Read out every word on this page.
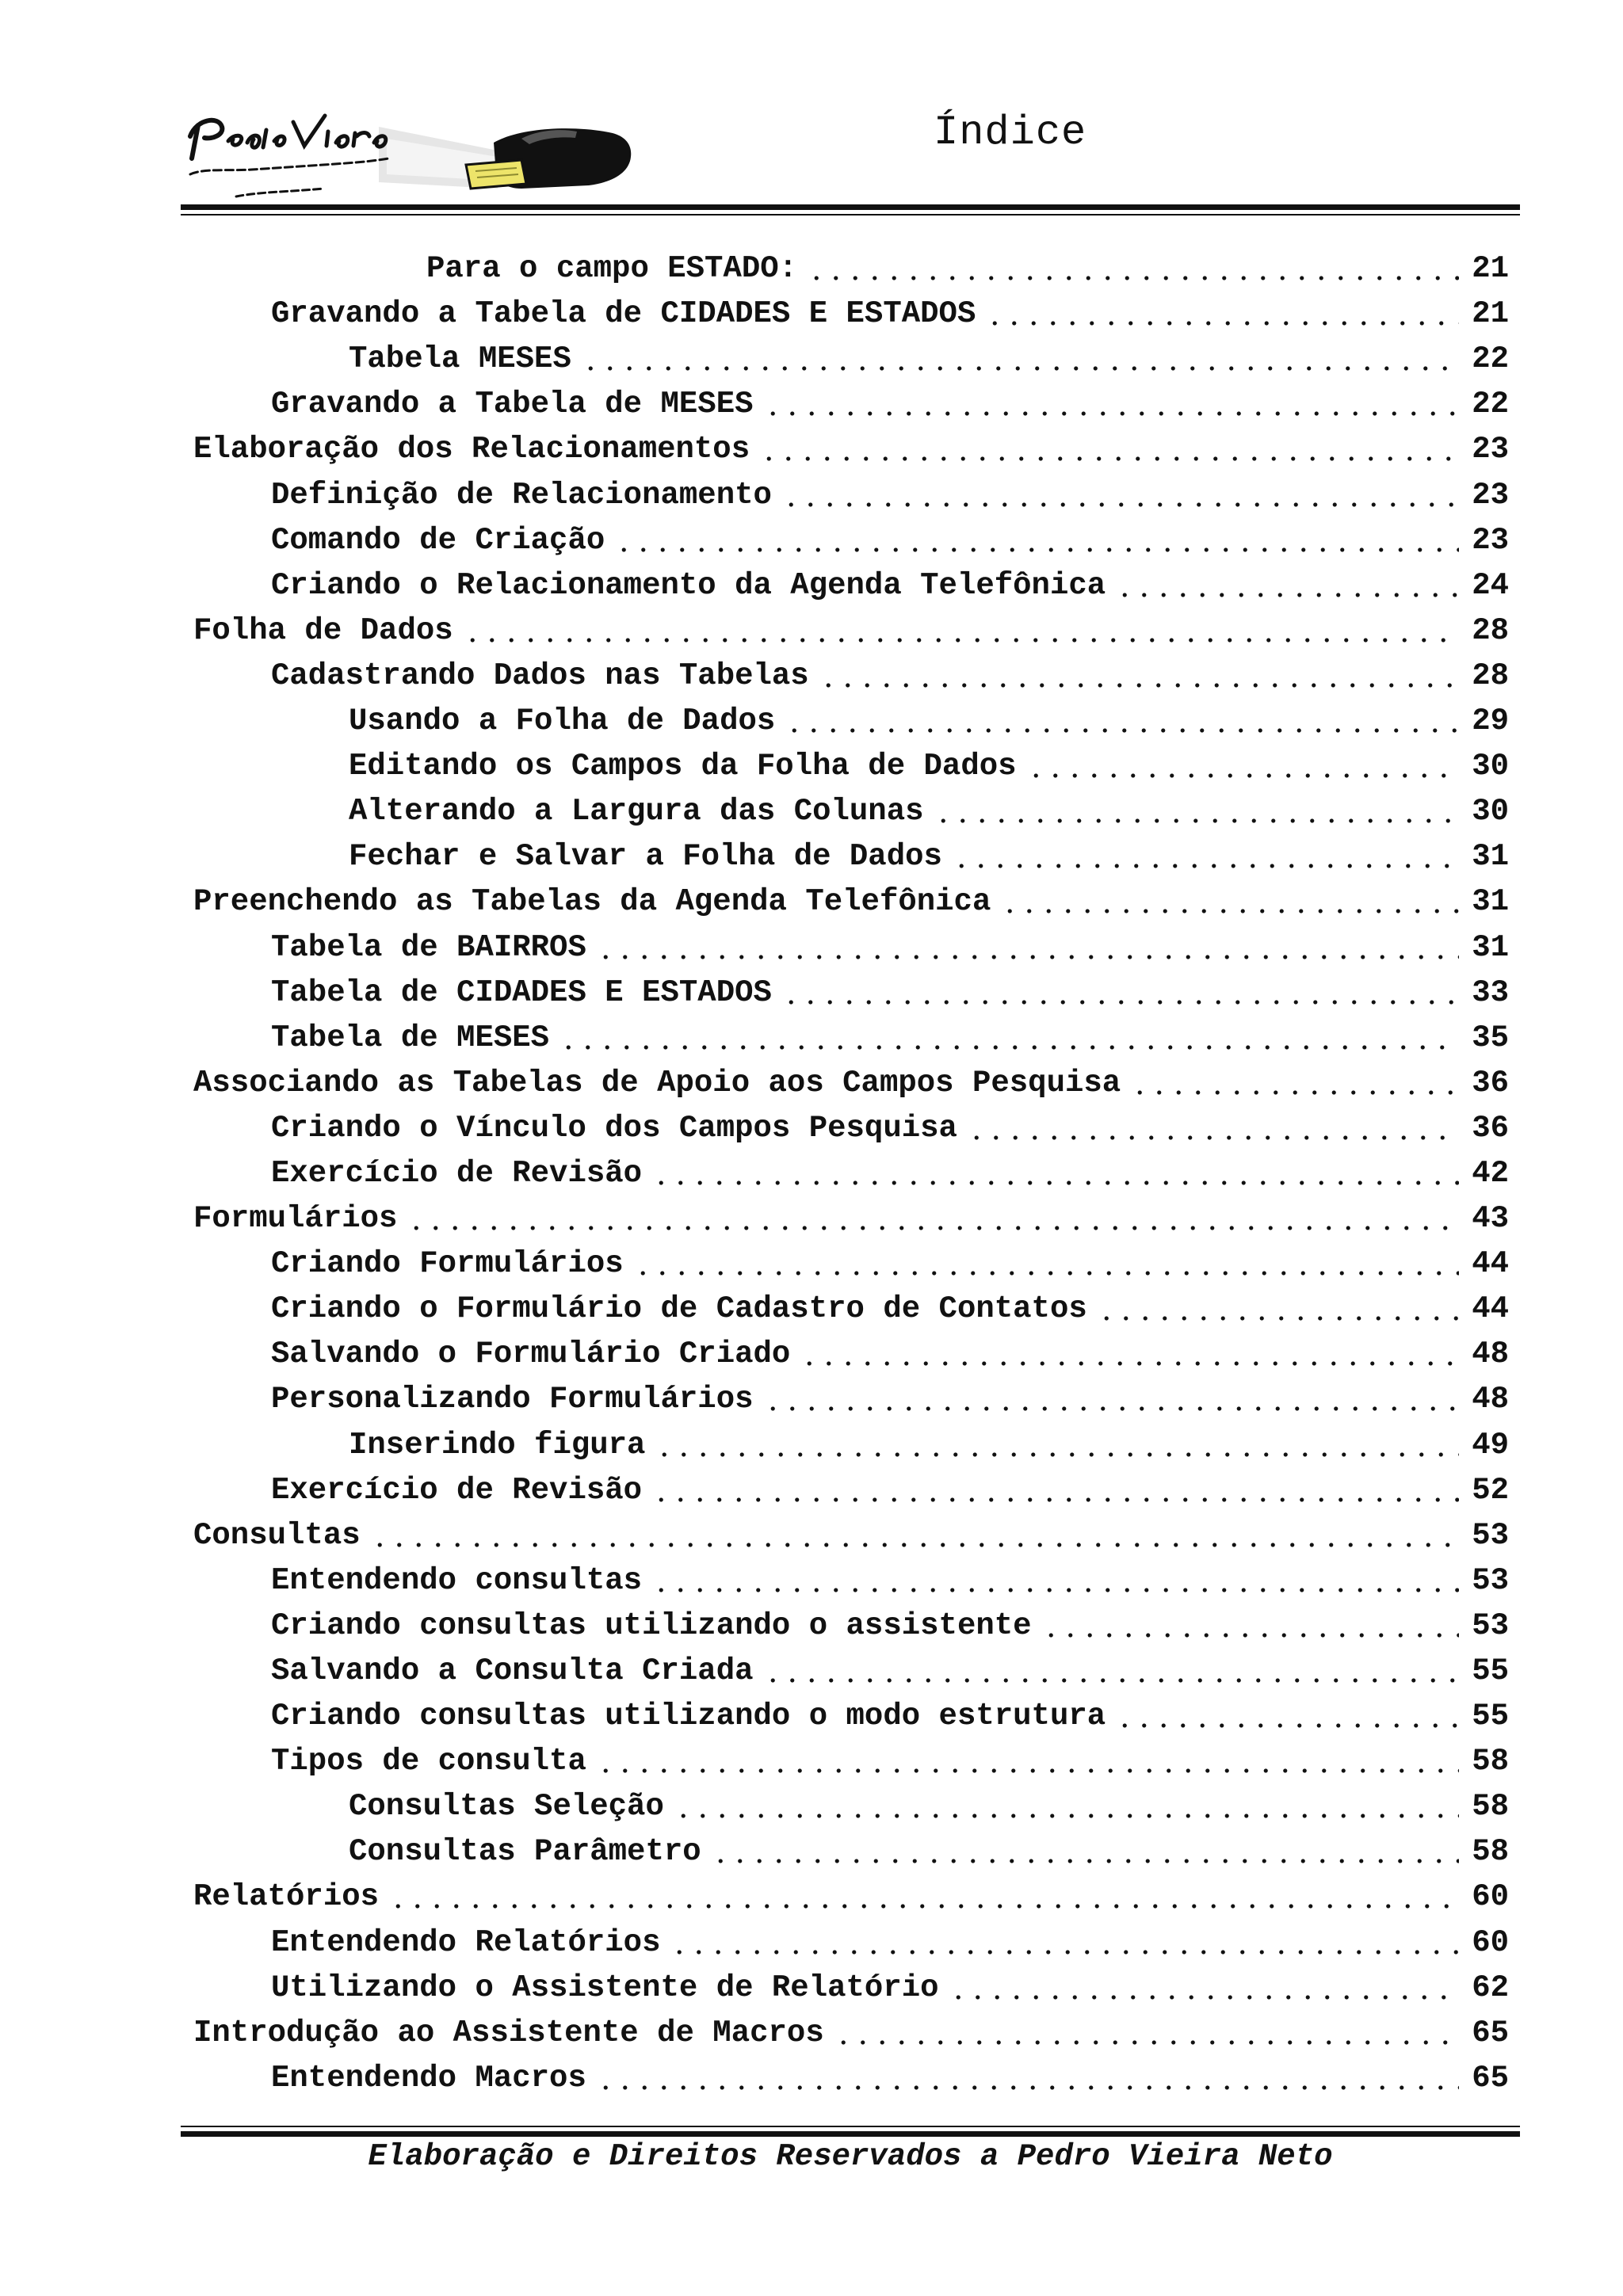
Índice
Para o campo ESTADO:	21
Gravando a Tabela de CIDADES E ESTADOS	21
Tabela MESES	22
Gravando a Tabela de MESES	22
Elaboração dos Relacionamentos	23
Definição de Relacionamento	23
Comando de Criação	23
Criando o Relacionamento da Agenda Telefônica	24
Folha de Dados	28
Cadastrando Dados nas Tabelas	28
Usando a Folha de Dados	29
Editando os Campos da Folha de Dados	30
Alterando a Largura das Colunas	30
Fechar e Salvar a Folha de Dados	31
Preenchendo as Tabelas da Agenda Telefônica	31
Tabela de BAIRROS	31
Tabela de CIDADES E ESTADOS	33
Tabela de MESES	35
Associando as Tabelas de Apoio aos Campos Pesquisa	36
Criando o Vínculo dos Campos Pesquisa	36
Exercício de Revisão	42
Formulários	43
Criando Formulários	44
Criando o Formulário de Cadastro de Contatos	44
Salvando o Formulário Criado	48
Personalizando Formulários	48
Inserindo figura	49
Exercício de Revisão	52
Consultas	53
Entendendo consultas	53
Criando consultas utilizando o assistente	53
Salvando a Consulta Criada	55
Criando consultas utilizando o modo estrutura	55
Tipos de consulta	58
Consultas Seleção	58
Consultas Parâmetro	58
Relatórios	60
Entendendo Relatórios	60
Utilizando o Assistente de Relatório	62
Introdução ao Assistente de Macros	65
Entendendo Macros	65
Elaboração e Direitos Reservados a Pedro Vieira Neto
